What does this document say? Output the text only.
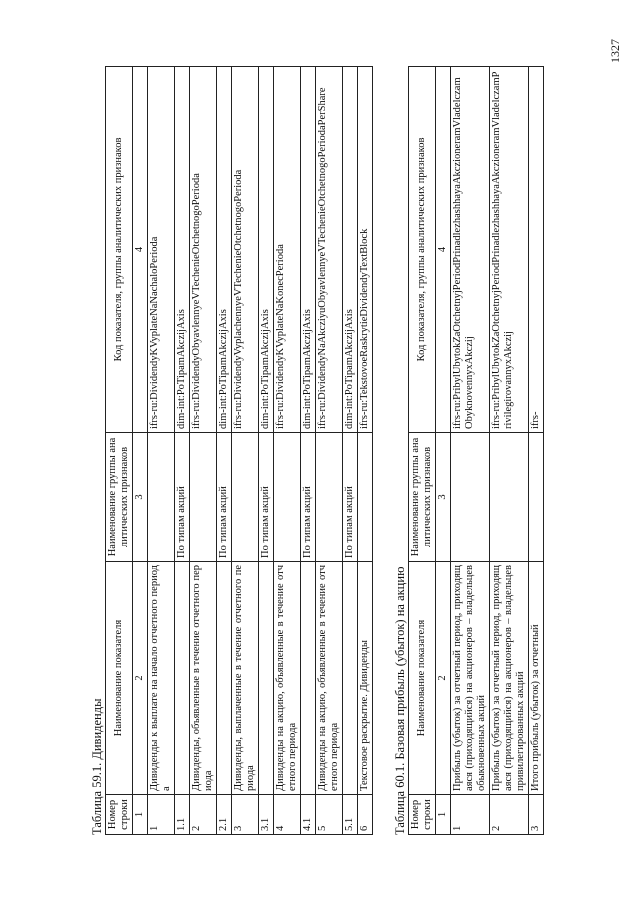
Таблица 59.1. Дивиденды Номер строки	Наименование показателя	Наименование группы аналитических признаков	Код показателя, группы аналитических признаков
1	2	3	4
1	Дивиденды к выплате на начало отчетного периода		ifrs-ru:DividendyKVyplateNaNachaloPerioda
1.1		По типам акций	dim-int:PoTipamAkczijAxis
2	Дивиденды, объявленные в течение отчетного периода		ifrs-ru:DividendyObyavlennyeVTechenieOtchetnogoPerioda
2.1		По типам акций	dim-int:PoTipamAkczijAxis
3	Дивиденды, выплаченные в течение отчетного периода		ifrs-ru:DividendyVyplachennyeVTechenieOtchetnogoPerioda
3.1		По типам акций	dim-int:PoTipamAkczijAxis
4	Дивиденды на акцию, объявленные в течение отчетного периода		ifrs-ru:DividendyKVyplateNaKonecPerioda
4.1		По типам акций	dim-int:PoTipamAkczijAxis
5	Дивиденды на акцию, объявленные в течение отчетного периода		ifrs-ru:DividendyNaAkcziyuObyavlennyeVTechenieOtchetnogoPeriodaPerShare
5.1		По типам акций	dim-int:PoTipamAkczijAxis
6	Текстовое раскрытие. Дивиденды		ifrs-ru:TekstovoeRaskrytieDividendyTextBlock
Таблица 60.1. Базовая прибыль (убыток) на акцию Номер строки	Наименование показателя	Наименование группы аналитических признаков	Код показателя, группы аналитических признаков
1	2	3	4
1	Прибыль (убыток) за отчетный период, приходящаяся (приходящийся) на акционеров – владельцев обыкновенных акций		ifrs-ru:PribylUbytokZaOtchetnyjPeriodPrinadlezhashhayaAkczioneramVladelczamObyknovennyxAkczij
2	Прибыль (убыток) за отчетный период, приходящаяся (приходящийся) на акционеров – владельцев привилегированных акций		ifrs-ru:PribylUbytokZaOtchetnyjPeriodPrinadlezhashhayaAkczioneramVladelczamPrivilegirovannyxAkczij
3	Итого прибыль (убыток) за отчетный		ifrs-
1327
